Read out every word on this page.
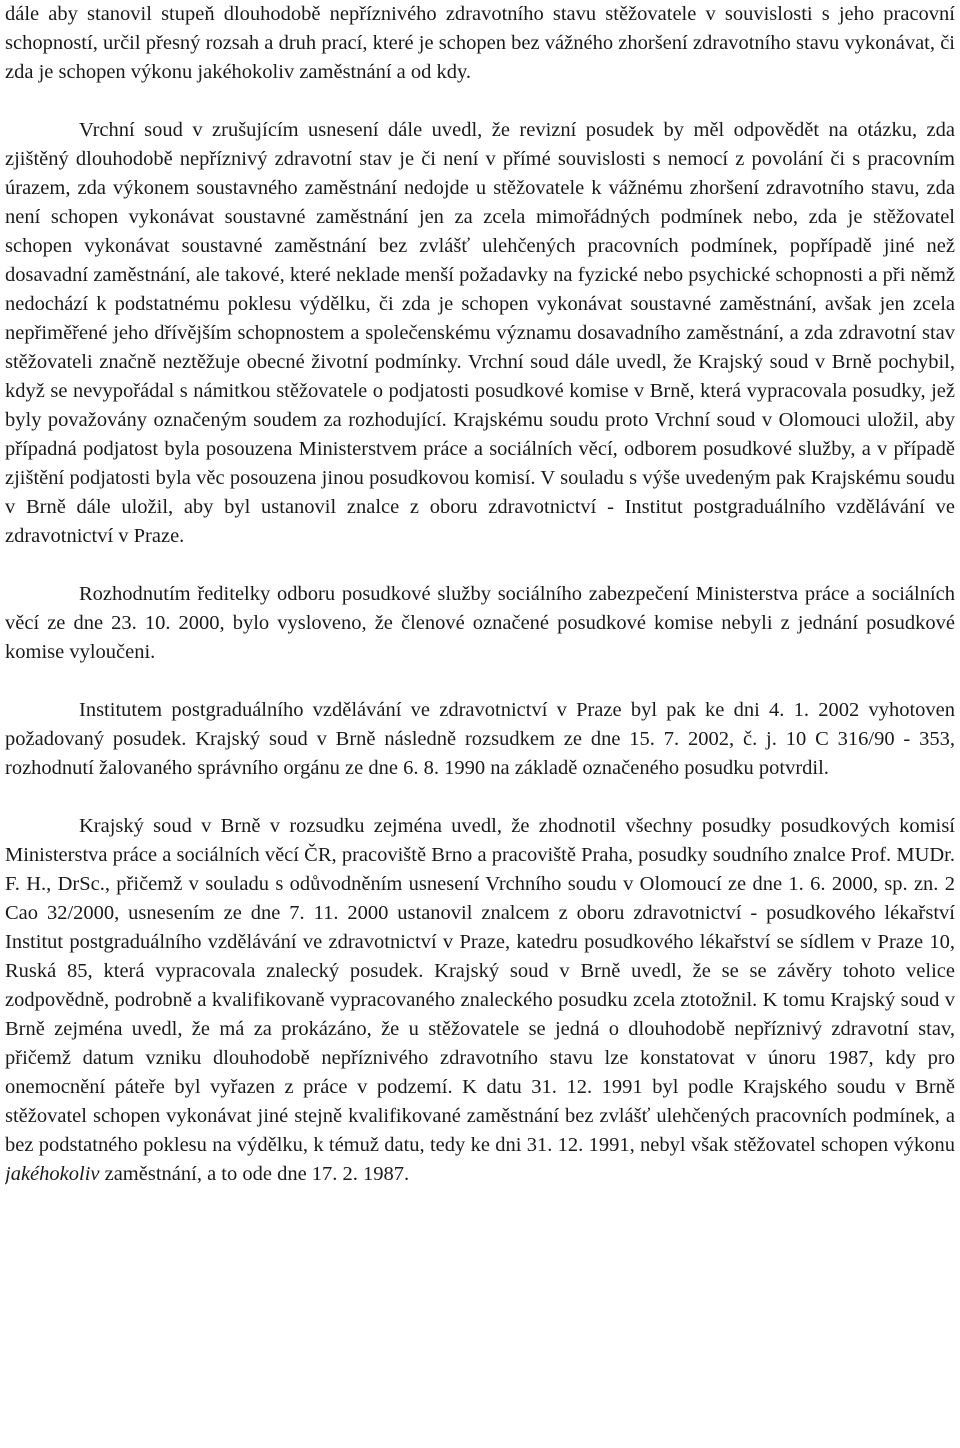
dále aby stanovil stupeň dlouhodobě nepříznivého zdravotního stavu stěžovatele v souvislosti s jeho pracovní schopností, určil přesný rozsah a druh prací, které je schopen bez vážného zhoršení zdravotního stavu vykonávat, či zda je schopen výkonu jakéhokoliv zaměstnání a od kdy.

Vrchní soud v zrušujícím usnesení dále uvedl, že revizní posudek by měl odpovědět na otázku, zda zjištěný dlouhodobě nepříznivý zdravotní stav je či není v přímé souvislosti s nemocí z povolání či s pracovním úrazem, zda výkonem soustavného zaměstnání nedojde u stěžovatele k vážnému zhoršení zdravotního stavu, zda není schopen vykonávat soustavné zaměstnání jen za zcela mimořádných podmínek nebo, zda je stěžovatel schopen vykonávat soustavné zaměstnání bez zvlášť ulehčených pracovních podmínek, popřípadě jiné než dosavadní zaměstnání, ale takové, které neklade menší požadavky na fyzické nebo psychické schopnosti a při němž nedochází k podstatnému poklesu výdělku, či zda je schopen vykonávat soustavné zaměstnání, avšak jen zcela nepřiměřené jeho dřívějším schopnostem a společenskému významu dosavadního zaměstnání, a zda zdravotní stav stěžovateli značně neztěžuje obecné životní podmínky. Vrchní soud dále uvedl, že Krajský soud v Brně pochybil, když se nevypořádal s námitkou stěžovatele o podjatosti posudkové komise v Brně, která vypracovala posudky, jež byly považovány označeným soudem za rozhodující. Krajskému soudu proto Vrchní soud v Olomouci uložil, aby případná podjatost byla posouzena Ministerstvem práce a sociálních věcí, odborem posudkové služby, a v případě zjištění podjatosti byla věc posouzena jinou posudkovou komisí. V souladu s výše uvedeným pak Krajskému soudu v Brně dále uložil, aby byl ustanovil znalce z oboru zdravotnictví - Institut postgraduálního vzdělávání ve zdravotnictví v Praze.

Rozhodnutím ředitelky odboru posudkové služby sociálního zabezpečení Ministerstva práce a sociálních věcí ze dne 23. 10. 2000, bylo vysloveno, že členové označené posudkové komise nebyli z jednání posudkové komise vyloučeni.

Institutem postgraduálního vzdělávání ve zdravotnictví v Praze byl pak ke dni 4. 1. 2002 vyhotoven požadovaný posudek. Krajský soud v Brně následně rozsudkem ze dne 15. 7. 2002, č. j. 10 C 316/90 - 353, rozhodnutí žalovaného správního orgánu ze dne 6. 8. 1990 na základě označeného posudku potvrdil.

Krajský soud v Brně v rozsudku zejména uvedl, že zhodnotil všechny posudky posudkových komisí Ministerstva práce a sociálních věcí ČR, pracoviště Brno a pracoviště Praha, posudky soudního znalce Prof. MUDr. F. H., DrSc., přičemž v souladu s odůvodněním usnesení Vrchního soudu v Olomoucí ze dne 1. 6. 2000, sp. zn. 2 Cao 32/2000, usnesením ze dne 7. 11. 2000 ustanovil znalcem z oboru zdravotnictví - posudkového lékařství Institut postgraduálního vzdělávání ve zdravotnictví v Praze, katedru posudkového lékařství se sídlem v Praze 10, Ruská 85, která vypracovala znalecký posudek. Krajský soud v Brně uvedl, že se se závěry tohoto velice zodpovědně, podrobně a kvalifikovaně vypracovaného znaleckého posudku zcela ztotožnil. K tomu Krajský soud v Brně zejména uvedl, že má za prokázáno, že u stěžovatele se jedná o dlouhodobě nepříznivý zdravotní stav, přičemž datum vzniku dlouhodobě nepříznivého zdravotního stavu lze konstatovat v únoru 1987, kdy pro onemocnění páteře byl vyřazen z práce v podzemí. K datu 31. 12. 1991 byl podle Krajského soudu v Brně stěžovatel schopen vykonávat jiné stejně kvalifikované zaměstnání bez zvlášť ulehčených pracovních podmínek, a bez podstatného poklesu na výdělku, k témuž datu, tedy ke dni 31. 12. 1991, nebyl však stěžovatel schopen výkonu jakéhokoliv zaměstnání, a to ode dne 17. 2. 1987.
